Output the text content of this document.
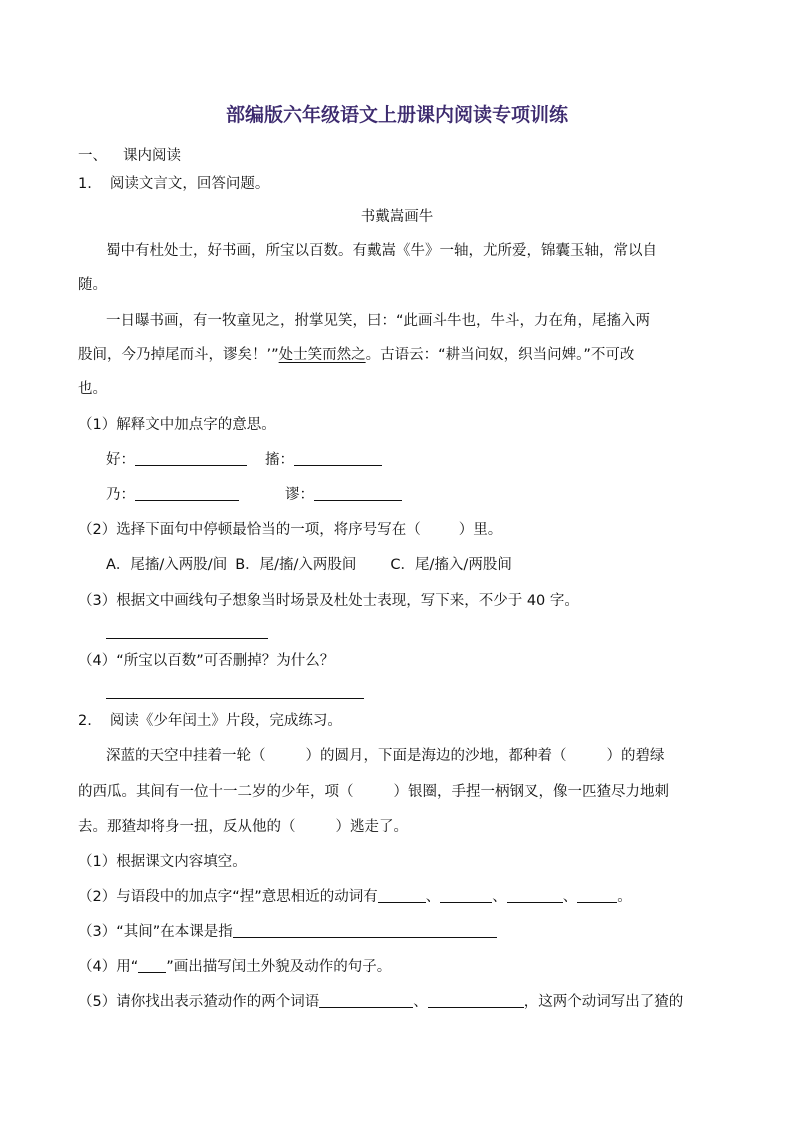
部编版六年级语文上册课内阅读专项训练
一、 课内阅读
1. 阅读文言文，回答问题。
书戴嵩画牛
蜀中有杜处士，好书画，所宝以百数。有戴嵩《牛》一轴，尤所爱，锦囊玉轴，常以自
随。
一日曝书画，有一牧童见之，拊掌见笑，曰：“此画斗牛也，牛斗，力在角，尾搐入两
股间，今乃掉尾而斗，谬矣！’”处士笑而然之。古语云：“耕当问奴，织当问婢。”不可改
也。
（1）解释文中加点字的意思。
好：	搐：
乃：	谬：
（2）选择下面句中停顿最恰当的一项，将序号写在（	）里。
A．尾搐/入两股/间 B．尾/搐/入两股间 C．尾/搐入/两股间
（3）根据文中画线句子想象当时场景及杜处士表现，写下来，不少于 40 字。
（4）“所宝以百数”可否删掉？为什么？
2. 阅读《少年闰土》片段，完成练习。
深蓝的天空中挂着一轮（	）的圆月，下面是海边的沙地，都种着（	）的碧绿
的西瓜。其间有一位十一二岁的少年，项（	）银圈，手捏一柄钢叉，像一匹猹尽力地刺
去。那猹却将身一扭，反从他的（	）逃走了。
（1）根据课文内容填空。
（2）与语段中的加点字“捏”意思相近的动词有	、	、	、	。
（3）“其间”在本课是指
（4）用“ ”画出描写闰土外貌及动作的句子。
（5）请你找出表示猹动作的两个词语	、	，这两个动词写出了猹的
